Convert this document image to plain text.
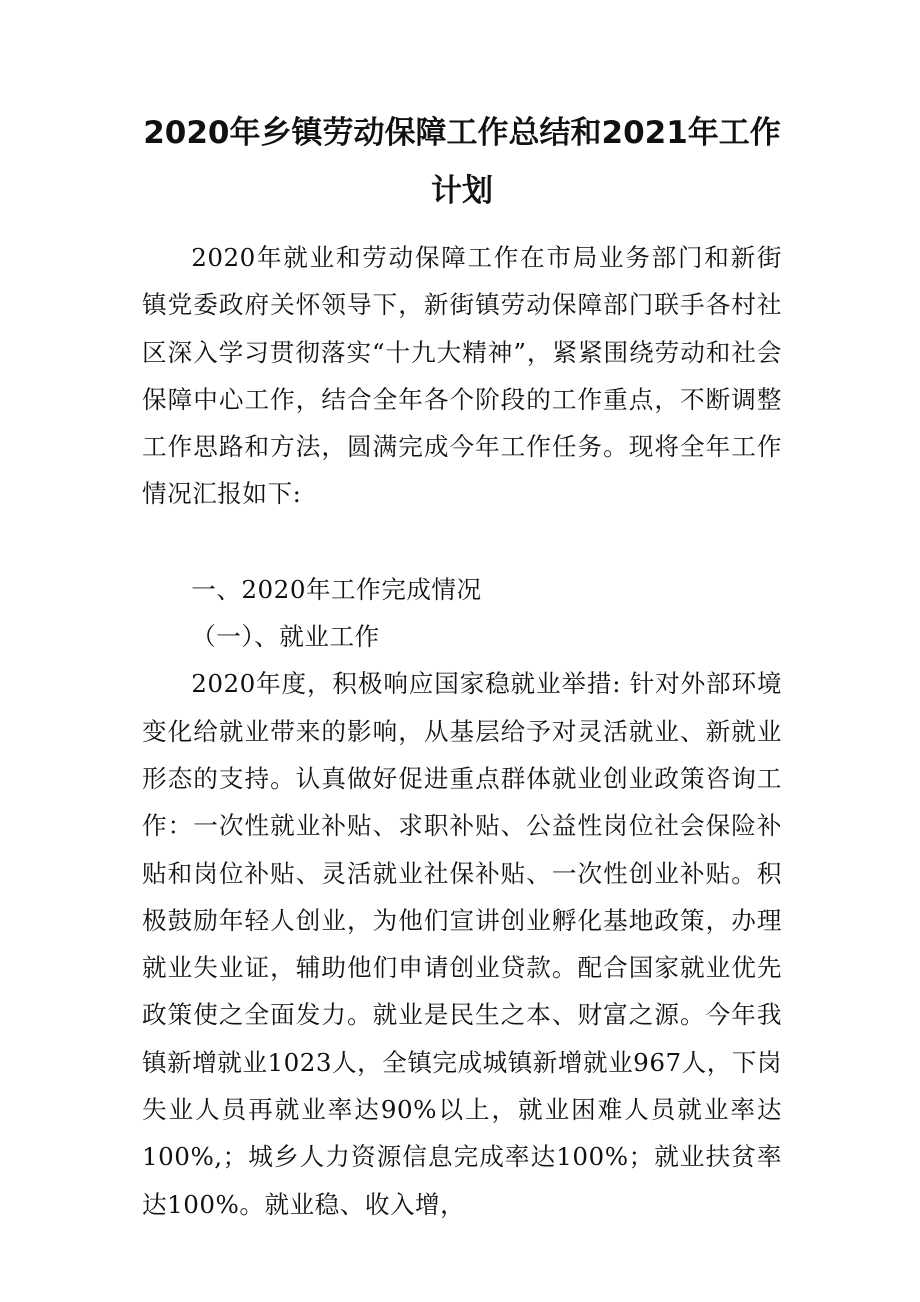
2020年乡镇劳动保障工作总结和2021年工作计划

2020年就业和劳动保障工作在市局业务部门和新街镇党委政府关怀领导下，新街镇劳动保障部门联手各村社区深入学习贯彻落实“十九大精神”，紧紧围绕劳动和社会保障中心工作，结合全年各个阶段的工作重点，不断调整工作思路和方法，圆满完成今年工作任务。现将全年工作情况汇报如下:

一、2020年工作完成情况

（一）、就业工作

2020年度，积极响应国家稳就业举措: 针对外部环境变化给就业带来的影响，从基层给予对灵活就业、新就业形态的支持。认真做好促进重点群体就业创业政策咨询工作：一次性就业补贴、求职补贴、公益性岗位社会保险补贴和岗位补贴、灵活就业社保补贴、一次性创业补贴。积极鼓励年轻人创业，为他们宣讲创业孵化基地政策，办理就业失业证，辅助他们申请创业贷款。配合国家就业优先政策使之全面发力。就业是民生之本、财富之源。今年我镇新增就业1023人，全镇完成城镇新增就业967人，下岗失业人员再就业率达90%以上，就业困难人员就业率达100%,；城乡人力资源信息完成率达100%；就业扶贫率达100%。就业稳、收入增，
